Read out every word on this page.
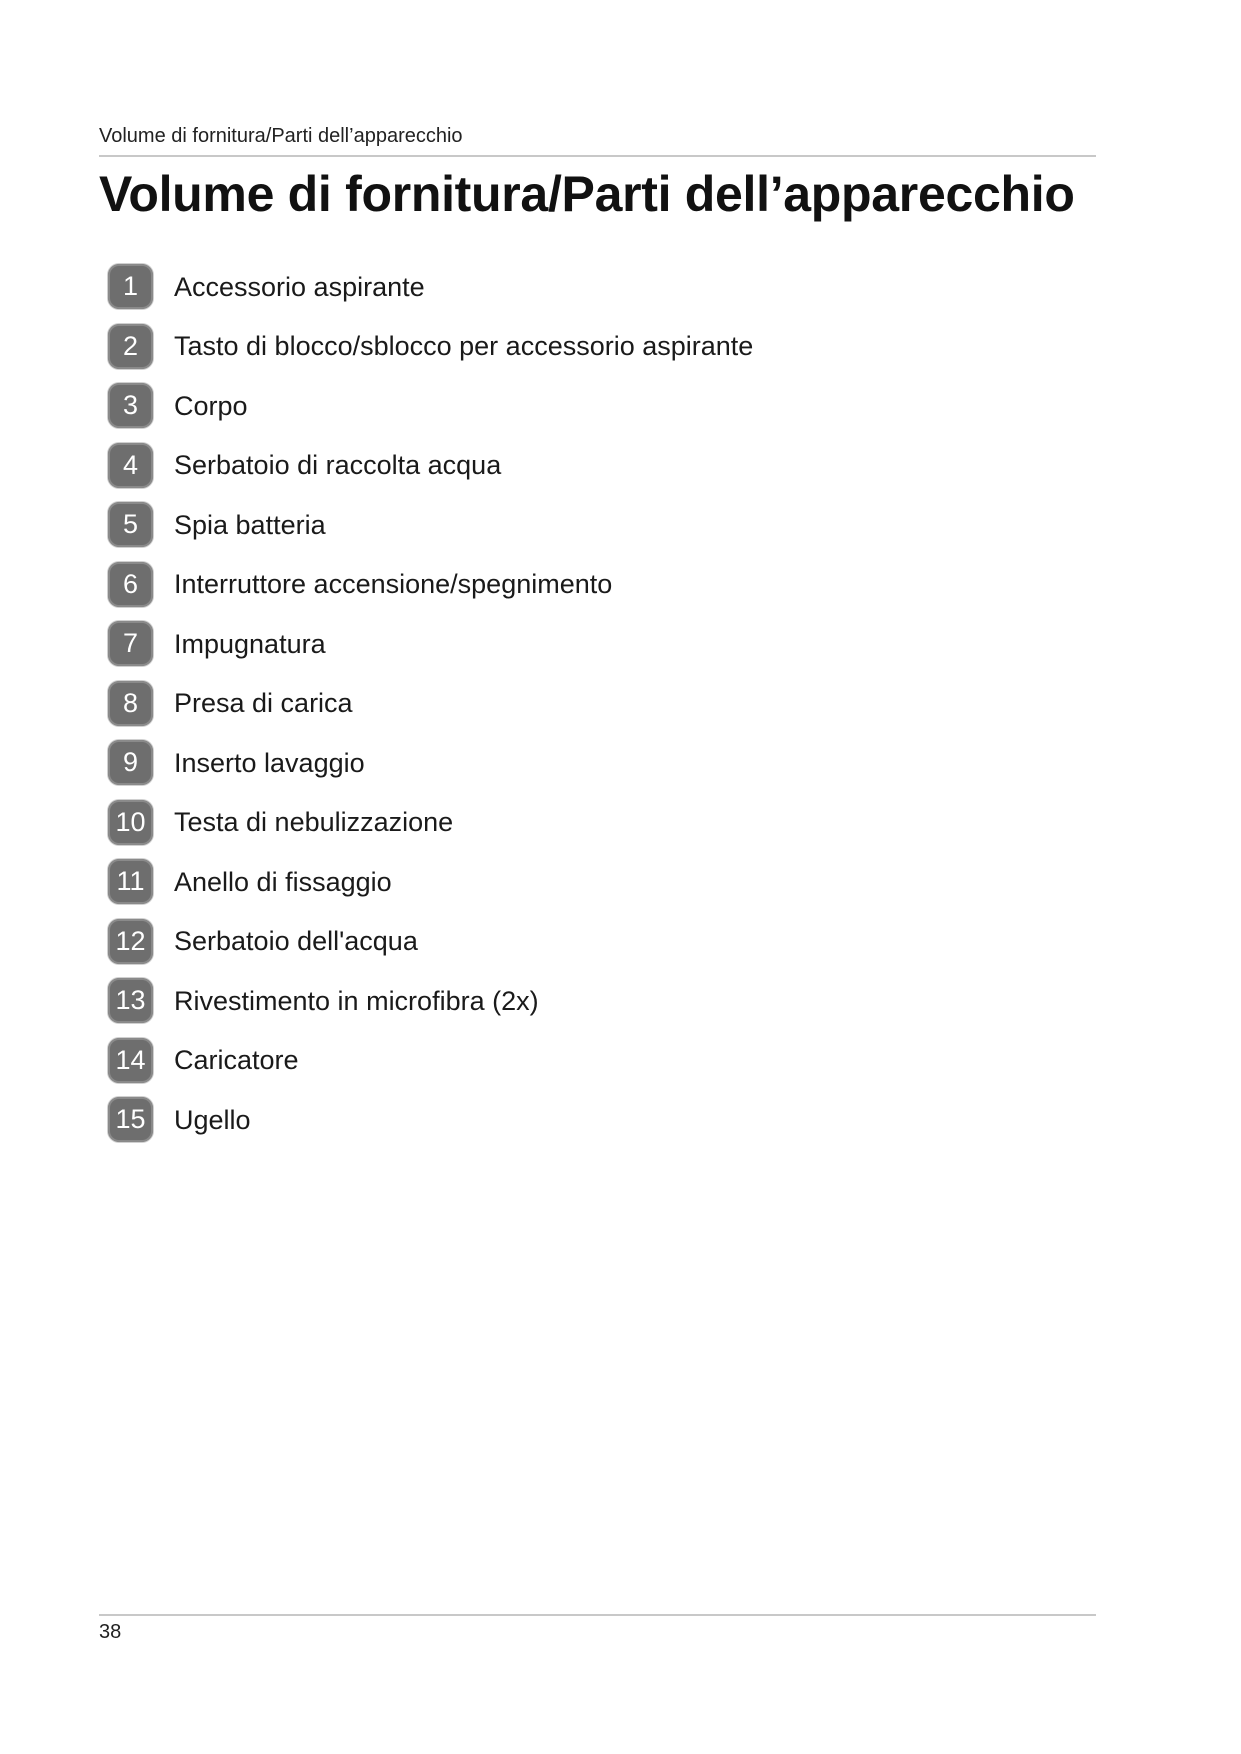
Volume di fornitura/Parti dell’apparecchio
Volume di fornitura/Parti dell’apparecchio
1	Accessorio aspirante
2	Tasto di blocco/sblocco per accessorio aspirante
3	Corpo
4	Serbatoio di raccolta acqua
5	Spia batteria
6	Interruttore accensione/spegnimento
7	Impugnatura
8	Presa di carica
9	Inserto lavaggio
10 Testa di nebulizzazione
11	Anello di fissaggio
12 Serbatoio dell'acqua
13 Rivestimento in microfibra (2x)
14 Caricatore
15 Ugello
38
